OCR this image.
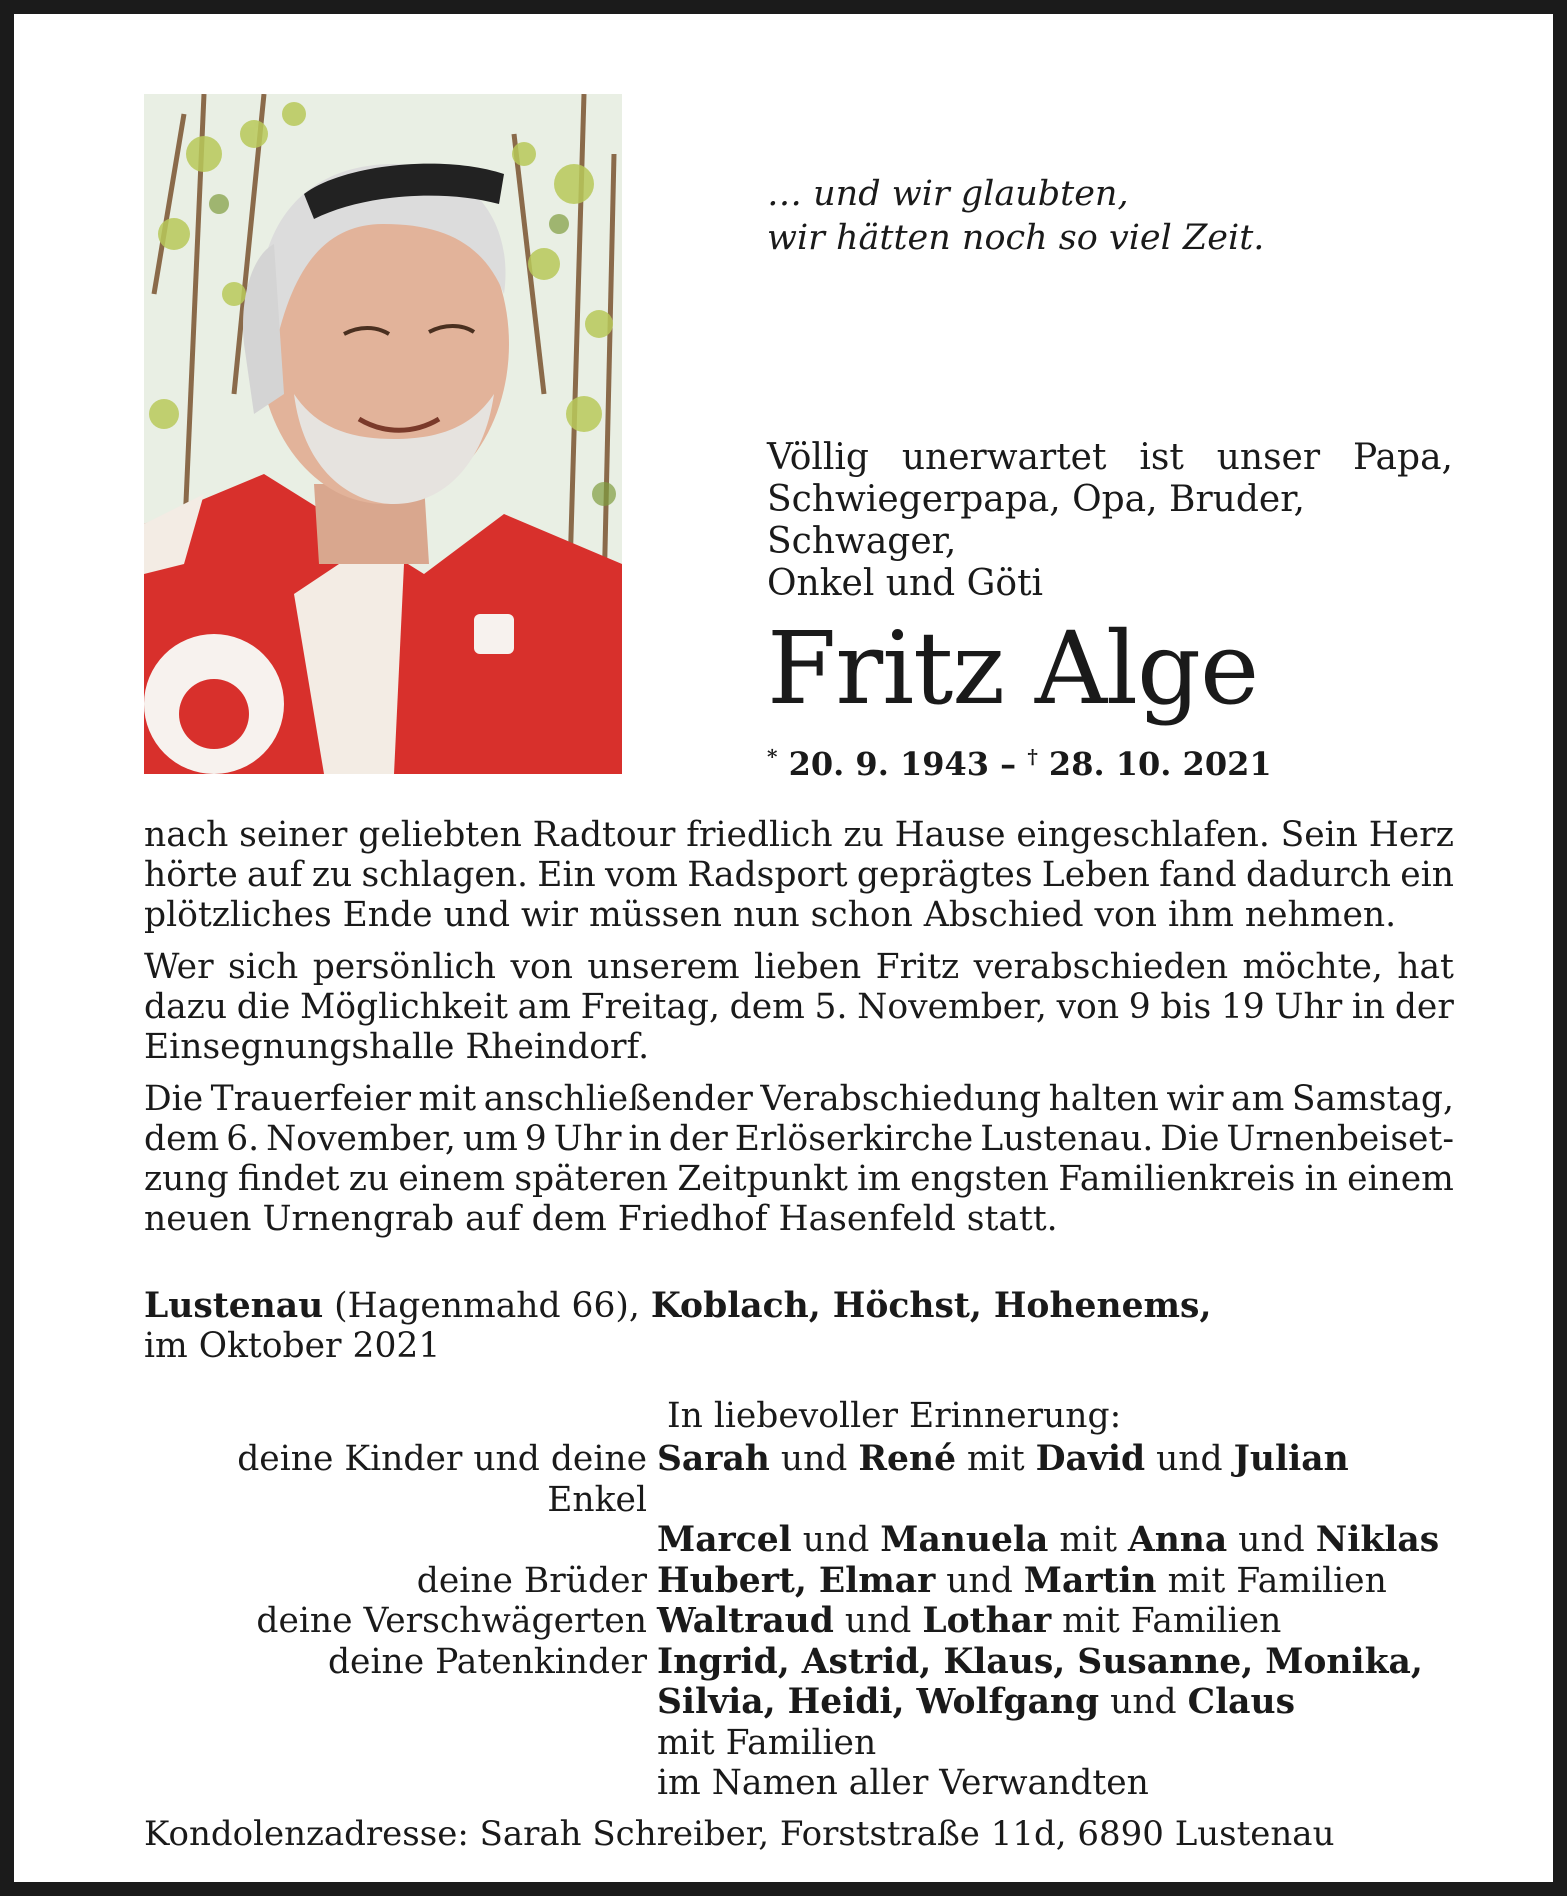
… und wir glaubten,
wir hätten noch so viel Zeit.
Völlig unerwartet ist unser Papa,
Schwiegerpapa, Opa, Bruder, Schwager,
Onkel und Göti
Fritz Alge
* 20. 9. 1943 – † 28. 10. 2021

nach seiner geliebten Radtour friedlich zu Hause eingeschlafen. Sein Herz
hörte auf zu schlagen. Ein vom Radsport geprägtes Leben fand dadurch ein
plötzliches Ende und wir müssen nun schon Abschied von ihm nehmen.

Wer sich persönlich von unserem lieben Fritz verabschieden möchte, hat
dazu die Möglichkeit am Freitag, dem 5. November, von 9 bis 19 Uhr in der
Einsegnungshalle Rheindorf.

Die Trauerfeier mit anschließender Verabschiedung halten wir am Samstag,
dem 6. November, um 9 Uhr in der Erlöserkirche Lustenau. Die Urnenbeiset-
zung findet zu einem späteren Zeitpunkt im engsten Familienkreis in einem
neuen Urnengrab auf dem Friedhof Hasenfeld statt.

Lustenau (Hagenmahd 66), Koblach, Höchst, Hohenems,
im Oktober 2021
In liebevoller Erinnerung:
deine Kinder und deine Enkel
Sarah und René mit David und Julian
Marcel und Manuela mit Anna und Niklas
deine Brüder Hubert, Elmar und Martin mit Familien
deine Verschwägerten Waltraud und Lothar mit Familien
deine Patenkinder Ingrid, Astrid, Klaus, Susanne, Monika,
Silvia, Heidi, Wolfgang und Claus
mit Familien
im Namen aller Verwandten
Kondolenzadresse: Sarah Schreiber, Forststraße 11d, 6890 Lustenau
